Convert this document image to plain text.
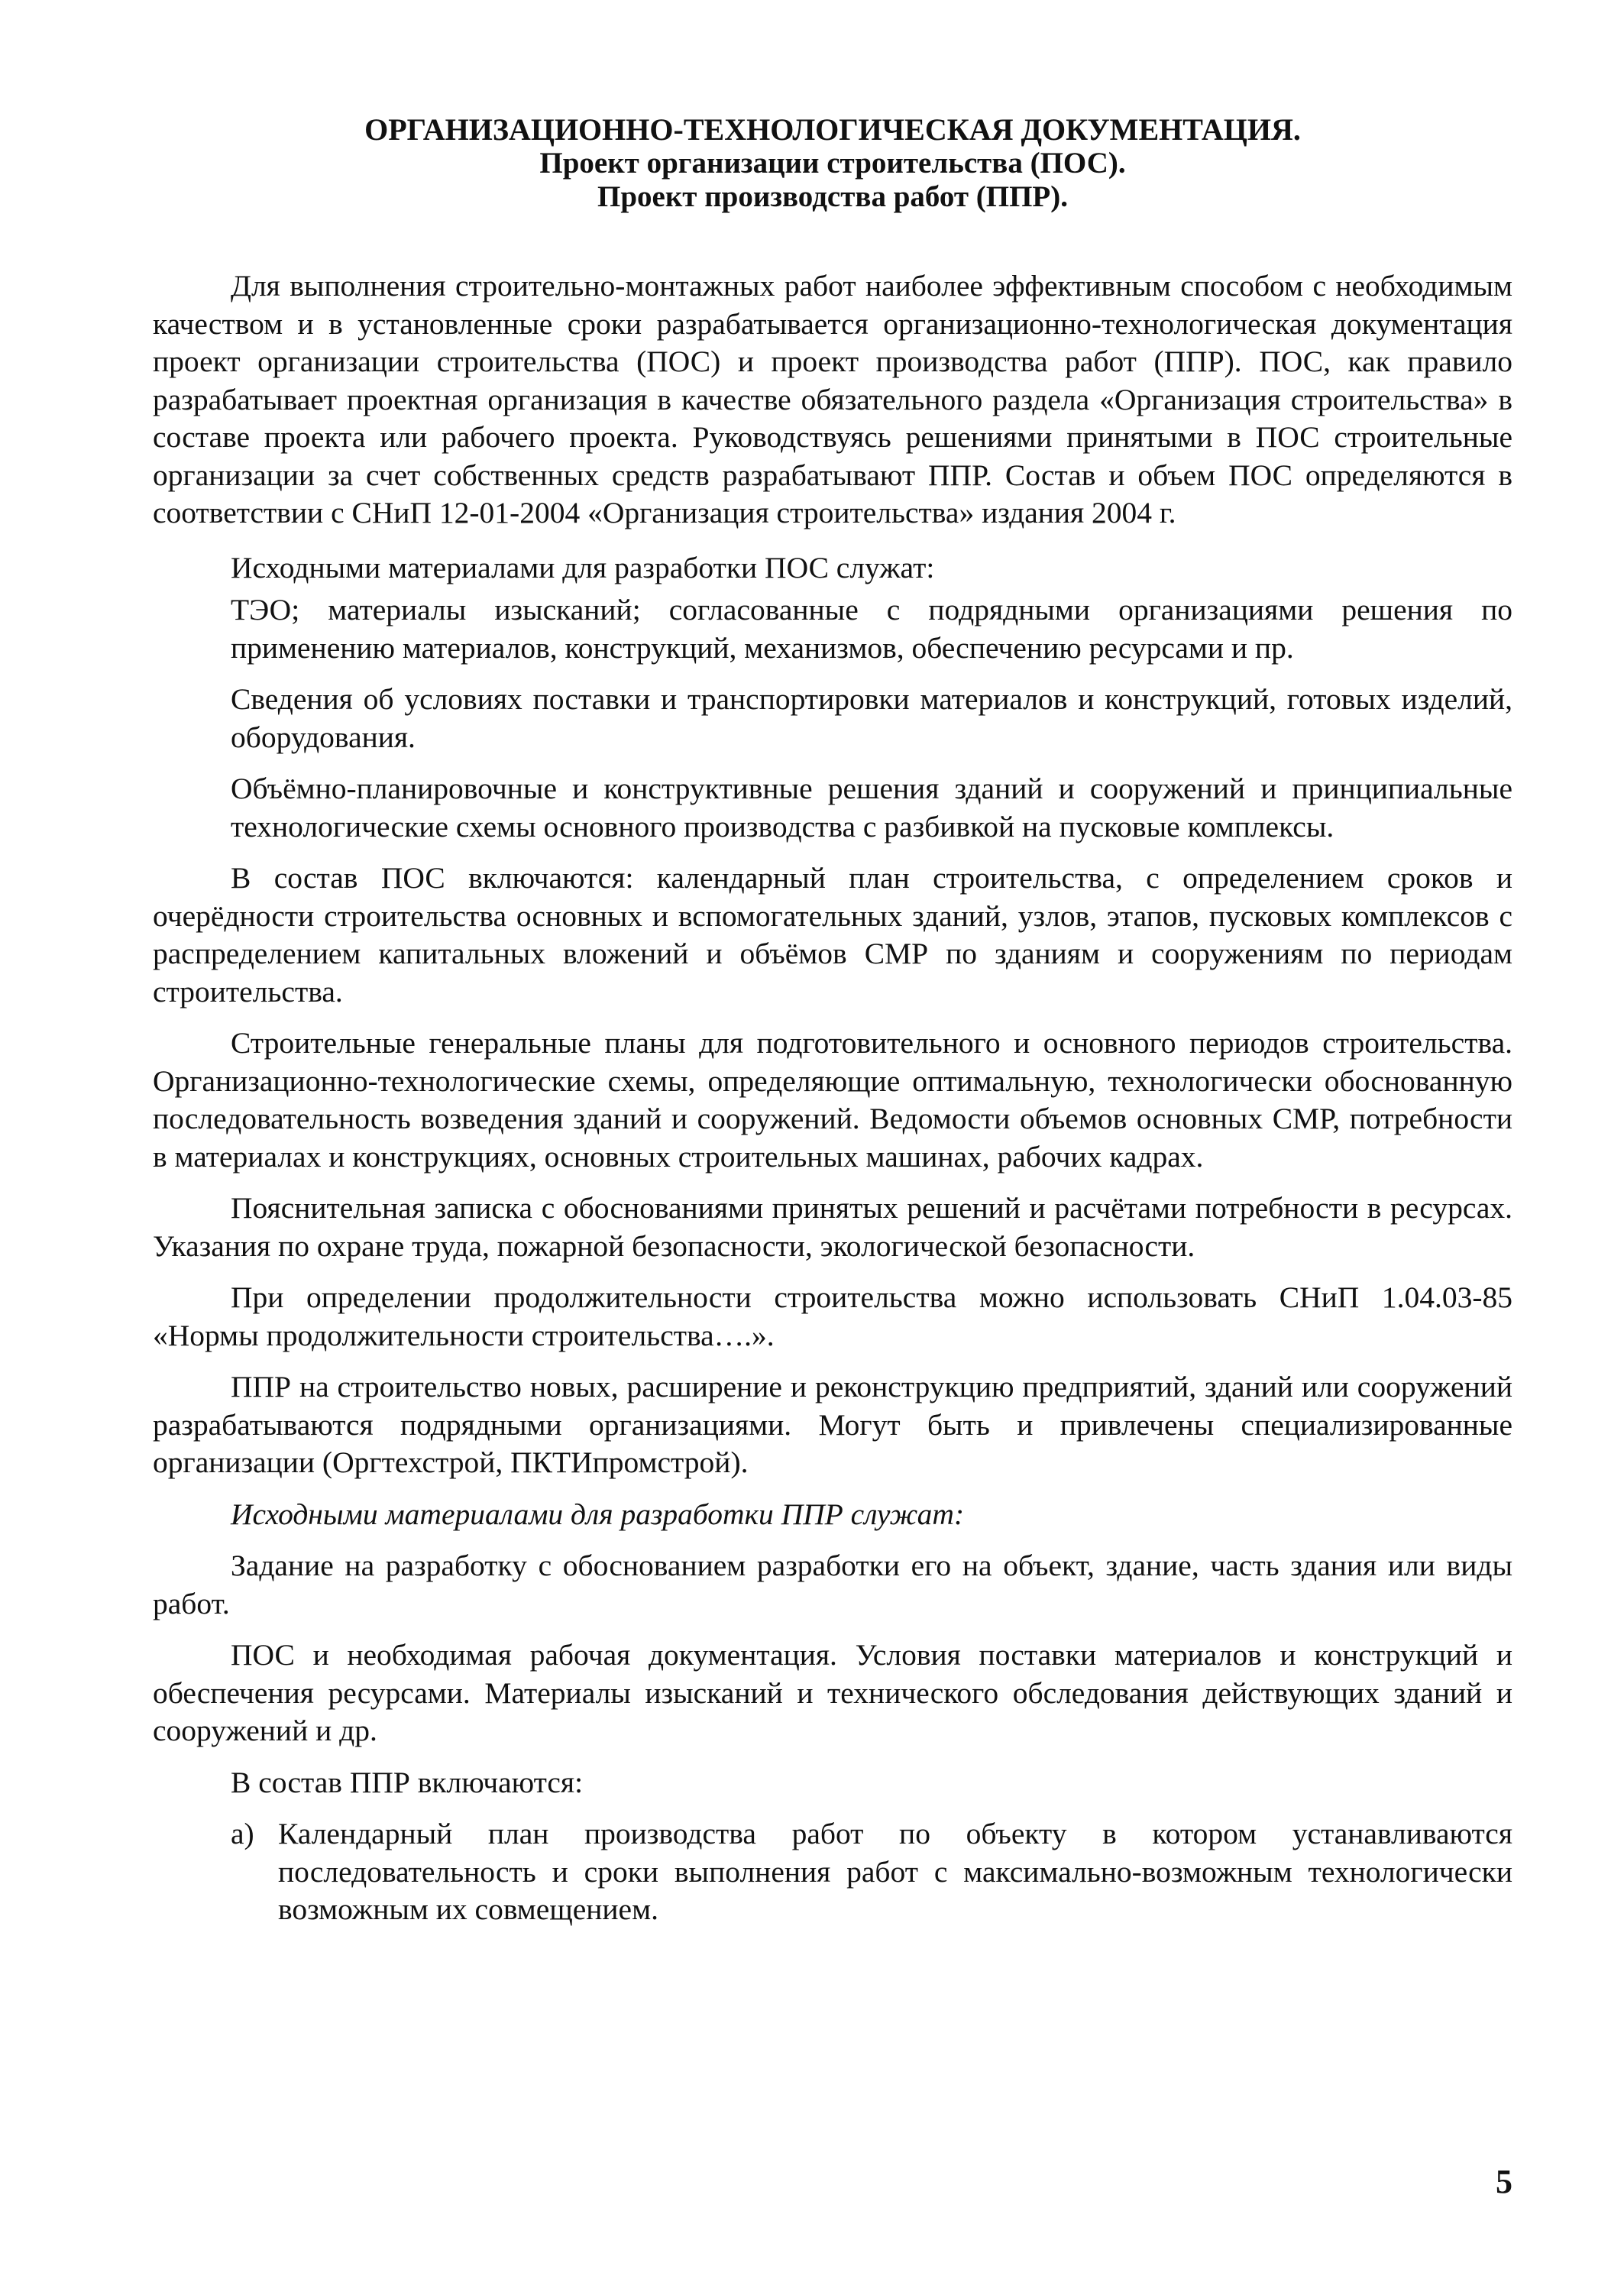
ОРГАНИЗАЦИОННО-ТЕХНОЛОГИЧЕСКАЯ ДОКУМЕНТАЦИЯ.
Проект организации строительства (ПОС).
Проект производства работ (ППР).

Для выполнения строительно-монтажных работ наиболее эффективным способом с необходимым качеством и в установленные сроки разрабатывается организационно-технологическая документация проект организации строительства (ПОС) и проект производства работ (ППР). ПОС, как правило разрабатывает проектная организация в качестве обязательного раздела «Организация строительства» в составе проекта или рабочего проекта. Руководствуясь решениями принятыми в ПОС строительные организации за счет собственных средств разрабатывают ППР. Состав и объем ПОС определяются в соответствии с СНиП 12-01-2004 «Организация строительства» издания 2004 г.

Исходными материалами для разработки ПОС служат:

ТЭО; материалы изысканий; согласованные с подрядными организациями решения по применению материалов, конструкций, механизмов, обеспечению ресурсами и пр.

Сведения об условиях поставки и транспортировки материалов и конструкций, готовых изделий, оборудования.

Объёмно-планировочные и конструктивные решения зданий и сооружений и принципиальные технологические схемы основного производства с разбивкой на пусковые комплексы.

В состав ПОС включаются: календарный план строительства, с определением сроков и очерёдности строительства основных и вспомогательных зданий, узлов, этапов, пусковых комплексов с распределением капитальных вложений и объёмов СМР по зданиям и сооружениям по периодам строительства.

Строительные генеральные планы для подготовительного и основного периодов строительства. Организационно-технологические схемы, определяющие оптимальную, технологически обоснованную последовательность возведения зданий и сооружений. Ведомости объемов основных СМР, потребности в материалах и конструкциях, основных строительных машинах, рабочих кадрах.

Пояснительная записка с обоснованиями принятых решений и расчётами потребности в ресурсах. Указания по охране труда, пожарной безопасности, экологической безопасности.

При определении продолжительности строительства можно использовать СНиП 1.04.03-85 «Нормы продолжительности строительства….».

ППР на строительство новых, расширение и реконструкцию предприятий, зданий или сооружений разрабатываются подрядными организациями. Могут быть и привлечены специализированные организации (Оргтехстрой, ПКТИпромстрой).

Исходными материалами для разработки ППР служат:

Задание на разработку с обоснованием разработки его на объект, здание, часть здания или виды работ.

ПОС и необходимая рабочая документация. Условия поставки материалов и конструкций и обеспечения ресурсами. Материалы изысканий и технического обследования действующих зданий и сооружений и др.

В состав ППР включаются:

а) Календарный план производства работ по объекту в котором устанавливаются последовательность и сроки выполнения работ с максимально-возможным технологически возможным их совмещением.
5
